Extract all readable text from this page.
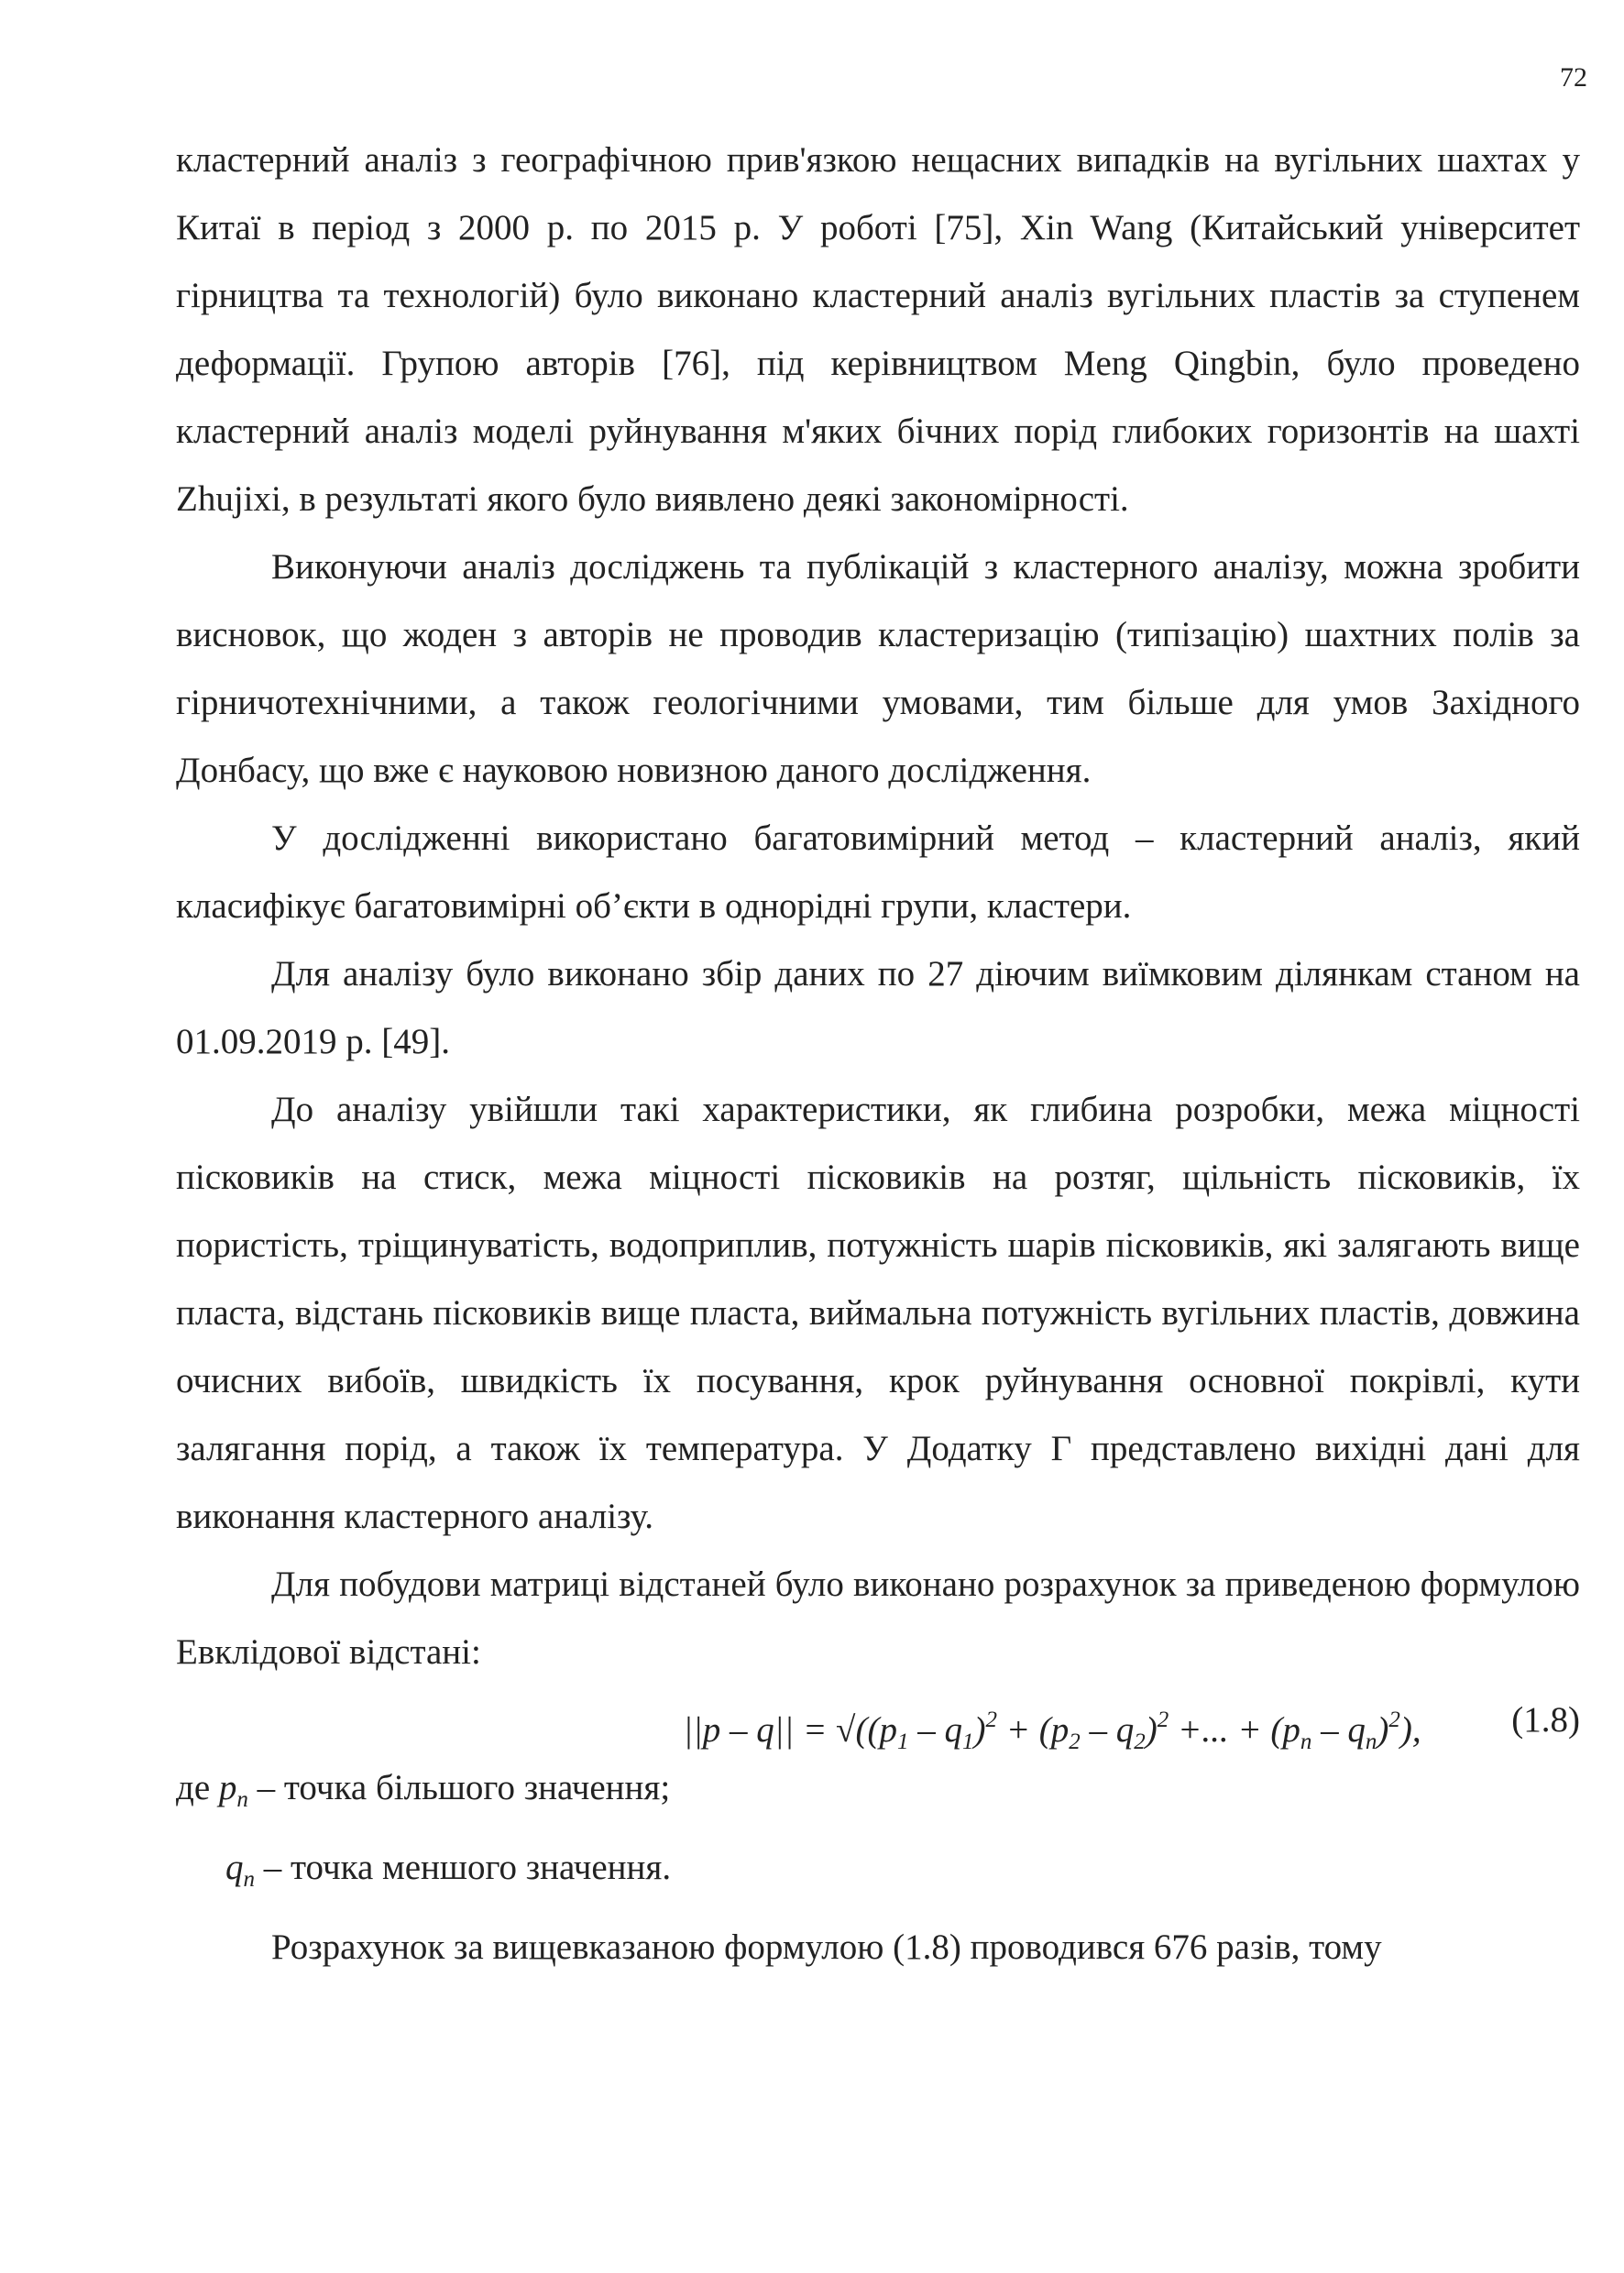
72

кластерний аналіз з географічною прив'язкою нещасних випадків на вугільних шахтах у Китаї в період з 2000 р. по 2015 р. У роботі [75], Xin Wang (Китайський університет гірництва та технологій) було виконано кластерний аналіз вугільних пластів за ступенем деформації. Групою авторів [76], під керівництвом Meng Qingbin, було проведено кластерний аналіз моделі руйнування м'яких бічних порід глибоких горизонтів на шахті Zhujixi, в результаті якого було виявлено деякі закономірності.

Виконуючи аналіз досліджень та публікацій з кластерного аналізу, можна зробити висновок, що жоден з авторів не проводив кластеризацію (типізацію) шахтних полів за гірничотехнічними, а також геологічними умовами, тим більше для умов Західного Донбасу, що вже є науковою новизною даного дослідження.

У дослідженні використано багатовимірний метод – кластерний аналіз, який класифікує багатовимірні об’єкти в однорідні групи, кластери.

Для аналізу було виконано збір даних по 27 діючим виїмковим ділянкам станом на 01.09.2019 р. [49].

До аналізу увійшли такі характеристики, як глибина розробки, межа міцності пісковиків на стиск, межа міцності пісковиків на розтяг, щільність пісковиків, їх пористість, тріщинуватість, водоприплив, потужність шарів пісковиків, які залягають вище пласта, відстань пісковиків вище пласта, виймальна потужність вугільних пластів, довжина очисних вибоїв, швидкість їх посування, крок руйнування основної покрівлі, кути залягання порід, а також їх температура. У Додатку Г представлено вихідні дані для виконання кластерного аналізу.

Для побудови матриці відстаней було виконано розрахунок за приведеною формулою Евклідової відстані:

$||p - q|| = √((p_1 - q_1)^2 + (p_2 - q_2)^2$ +... + $(p_n - q_n)^2$),	(1.8)

де $p_n$ – точка більшого значення;

$q_n$ – точка меншого значення.

Розрахунок за вищевказаною формулою (1.8) проводився 676 разів, тому
